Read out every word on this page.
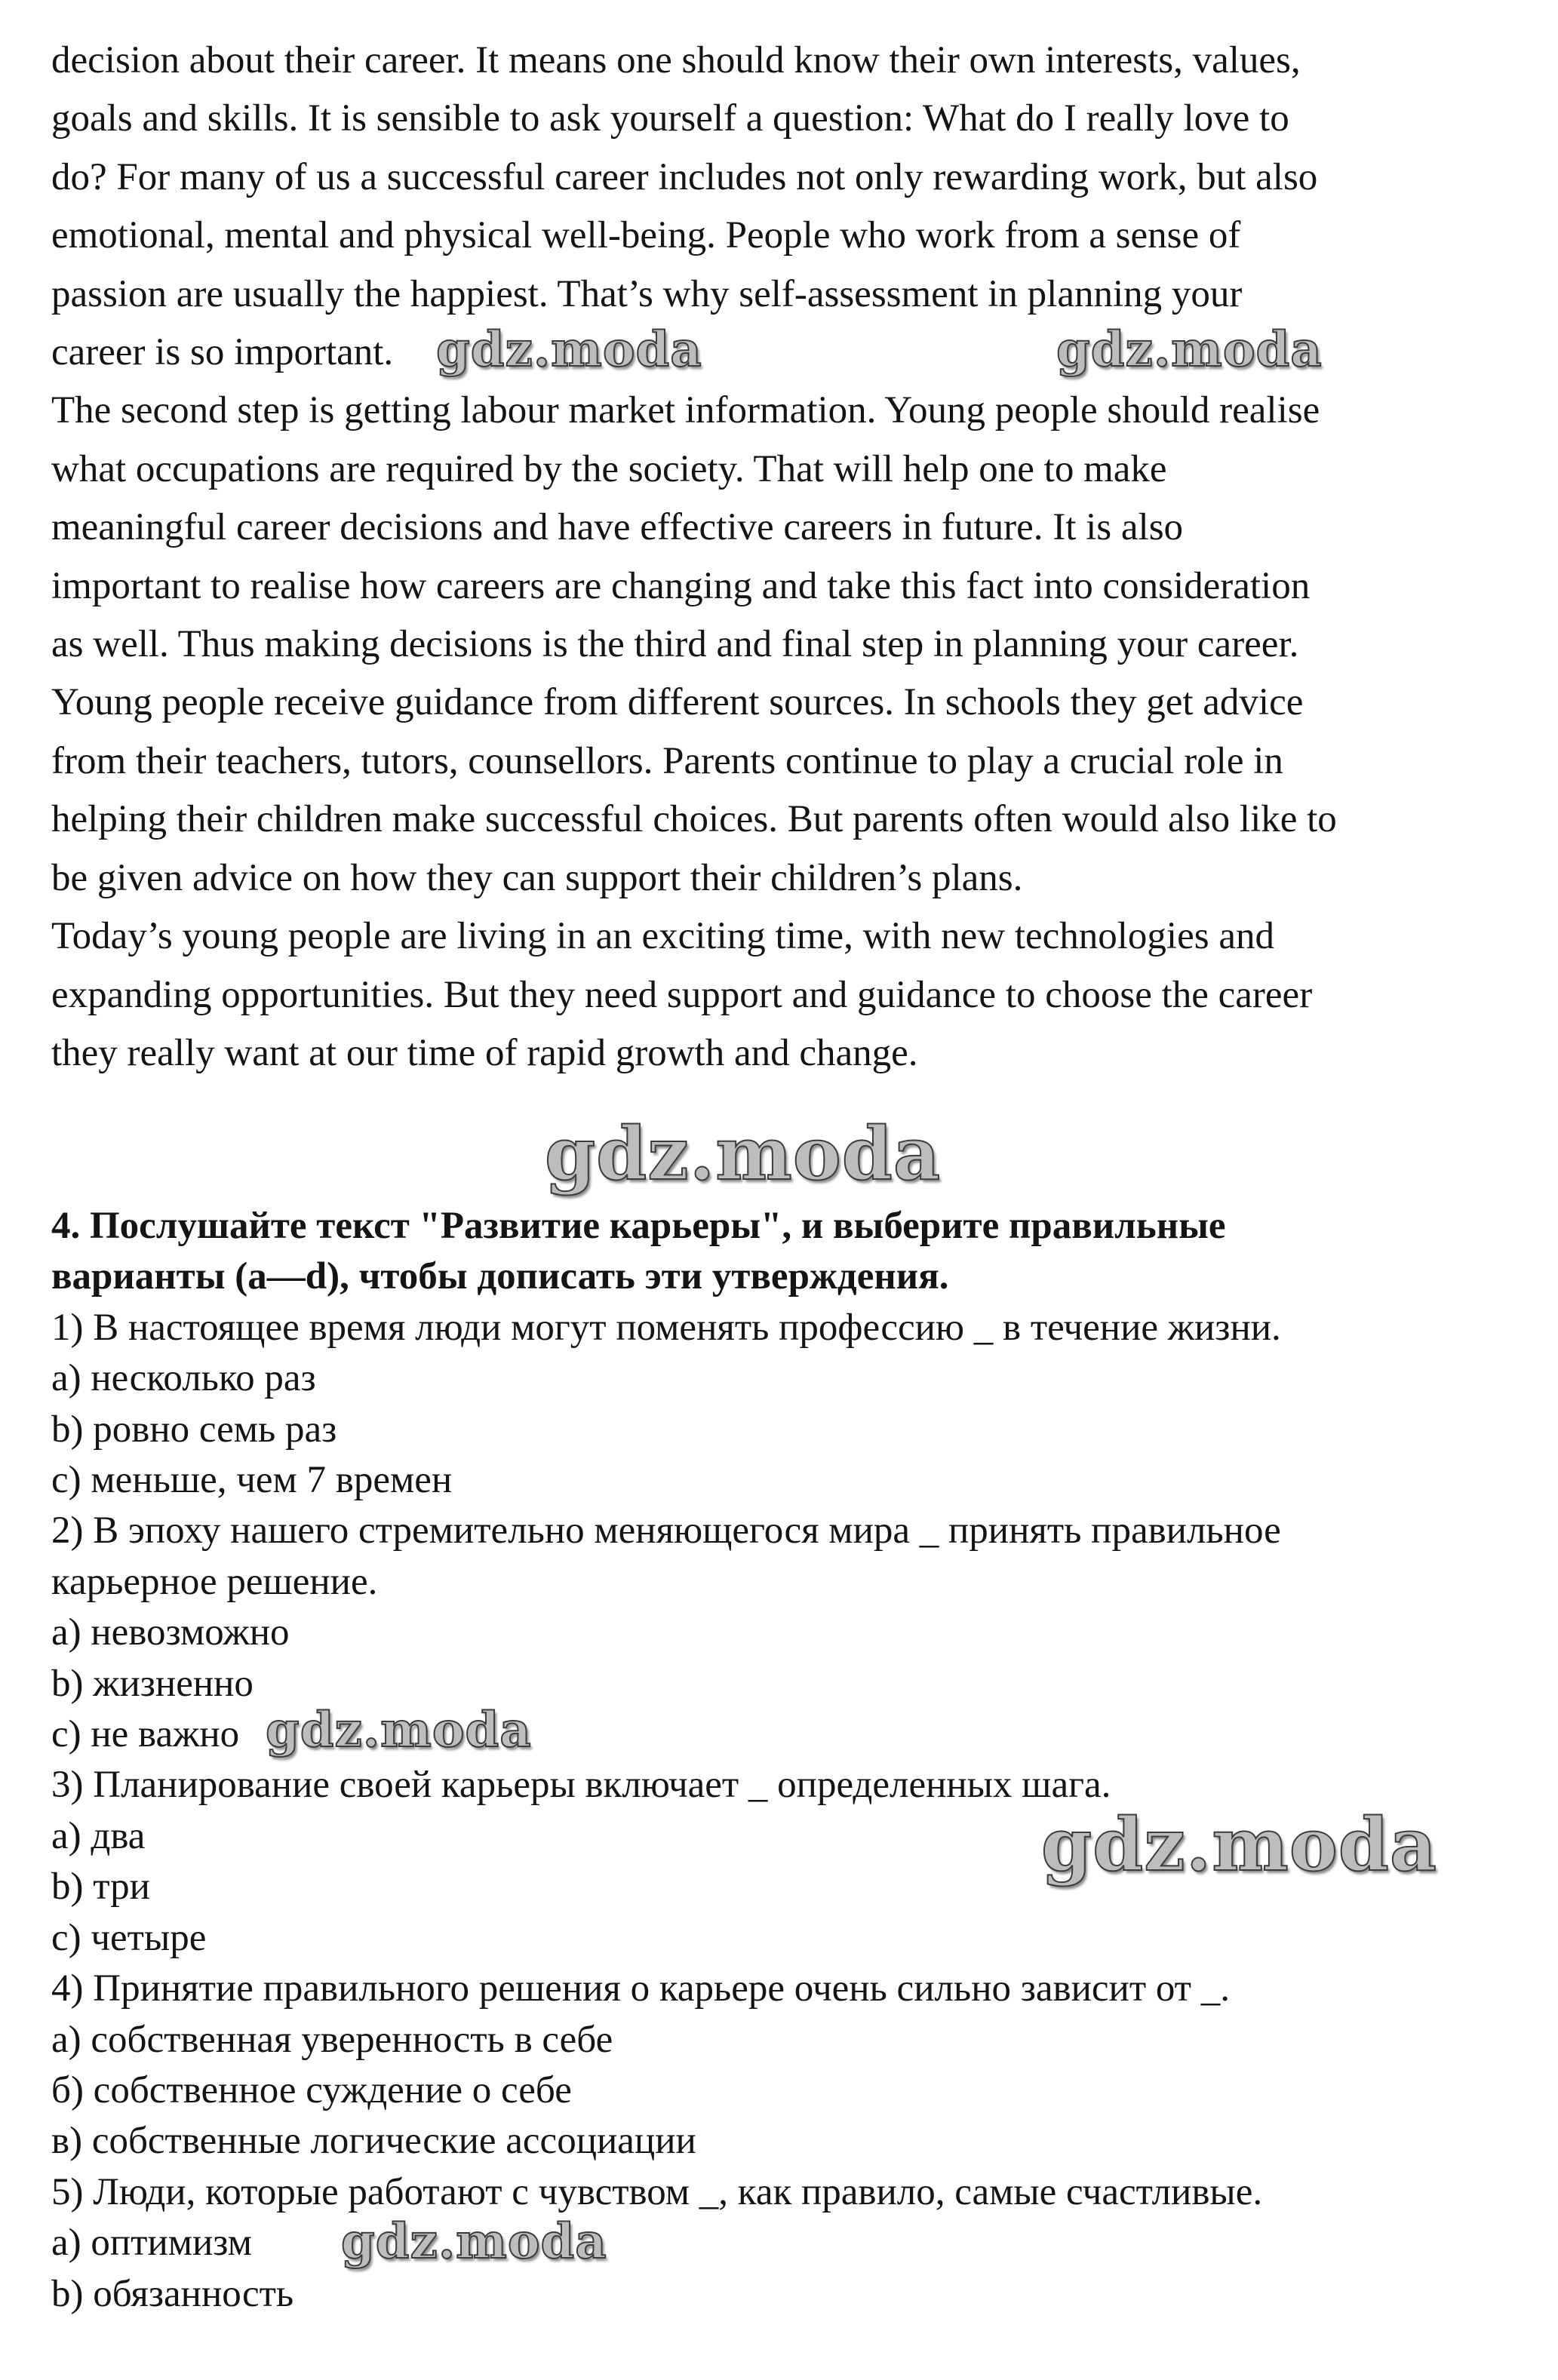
decision about their career. It means one should know their own interests, values,
goals and skills. It is sensible to ask yourself a question: What do I really love to
do? For many of us a successful career includes not only rewarding work, but also
emotional, mental and physical well-being. People who work from a sense of
passion are usually the happiest. That’s why self-assessment in planning your
career is so important.
The second step is getting labour market information. Young people should realise
what occupations are required by the society. That will help one to make
meaningful career decisions and have effective careers in future. It is also
important to realise how careers are changing and take this fact into consideration
as well. Thus making decisions is the third and final step in planning your career.
Young people receive guidance from different sources. In schools they get advice
from their teachers, tutors, counsellors. Parents continue to play a crucial role in
helping their children make successful choices. But parents often would also like to
be given advice on how they can support their children’s plans.
Today’s young people are living in an exciting time, with new technologies and
expanding opportunities. But they need support and guidance to choose the career
they really want at our time of rapid growth and change.
4. Послушайте текст "Развитие карьеры", и выберите правильные
варианты (a—d), чтобы дописать эти утверждения.
1) В настоящее время люди могут поменять профессию _ в течение жизни.
a) несколько раз
b) ровно семь раз
c) меньше, чем 7 времен
2) В эпоху нашего стремительно меняющегося мира _ принять правильное
карьерное решение.
a) невозможно
b) жизненно
c) не важно
3) Планирование своей карьеры включает _ определенных шага.
a) два
b) три
c) четыре
4) Принятие правильного решения о карьере очень сильно зависит от _.
a) собственная уверенность в себе
б) собственное суждение о себе
в) собственные логические ассоциации
5) Люди, которые работают с чувством _, как правило, самые счастливые.
a) оптимизм
b) обязанность
gdz.moda	gdz.moda
gdz.moda
gdz.moda
gdz.moda
gdz.moda
